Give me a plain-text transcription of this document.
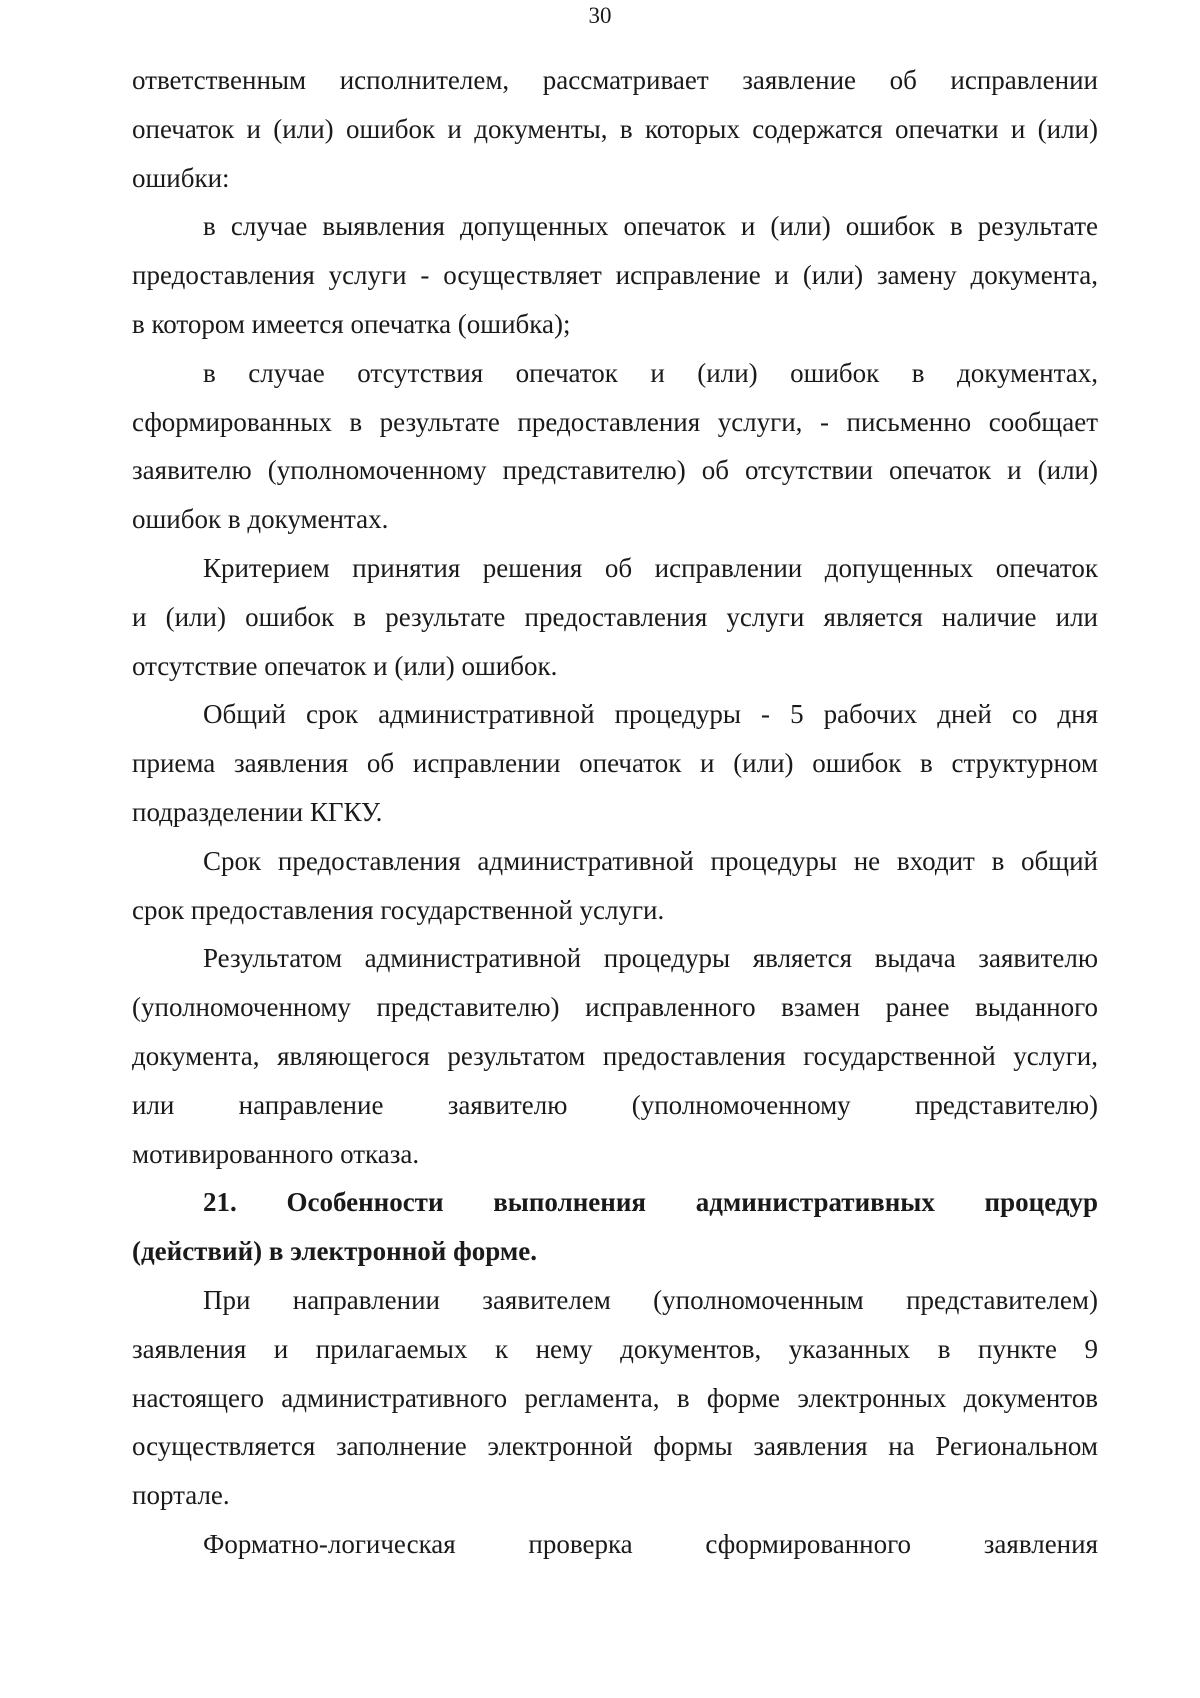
30
ответственным исполнителем, рассматривает заявление об исправлении
опечаток и (или) ошибок и документы, в которых содержатся опечатки и (или)
ошибки:
в случае выявления допущенных опечаток и (или) ошибок в результате
предоставления услуги - осуществляет исправление и (или) замену документа,
в котором имеется опечатка (ошибка);
в случае отсутствия опечаток и (или) ошибок в документах,
сформированных в результате предоставления услуги, - письменно сообщает
заявителю (уполномоченному представителю) об отсутствии опечаток и (или)
ошибок в документах.
Критерием принятия решения об исправлении допущенных опечаток
и (или) ошибок в результате предоставления услуги является наличие или
отсутствие опечаток и (или) ошибок.
Общий срок административной процедуры - 5 рабочих дней со дня
приема заявления об исправлении опечаток и (или) ошибок в структурном
подразделении КГКУ.
Срок предоставления административной процедуры не входит в общий
срок предоставления государственной услуги.
Результатом административной процедуры является выдача заявителю
(уполномоченному представителю) исправленного взамен ранее выданного
документа, являющегося результатом предоставления государственной услуги,
или направление заявителю (уполномоченному представителю)
мотивированного отказа.
21. Особенности выполнения административных процедур
(действий) в электронной форме.
При направлении заявителем (уполномоченным представителем)
заявления и прилагаемых к нему документов, указанных в пункте 9
настоящего административного регламента, в форме электронных документов
осуществляется заполнение электронной формы заявления на Региональном
портале.
Форматно-логическая проверка сформированного заявления
